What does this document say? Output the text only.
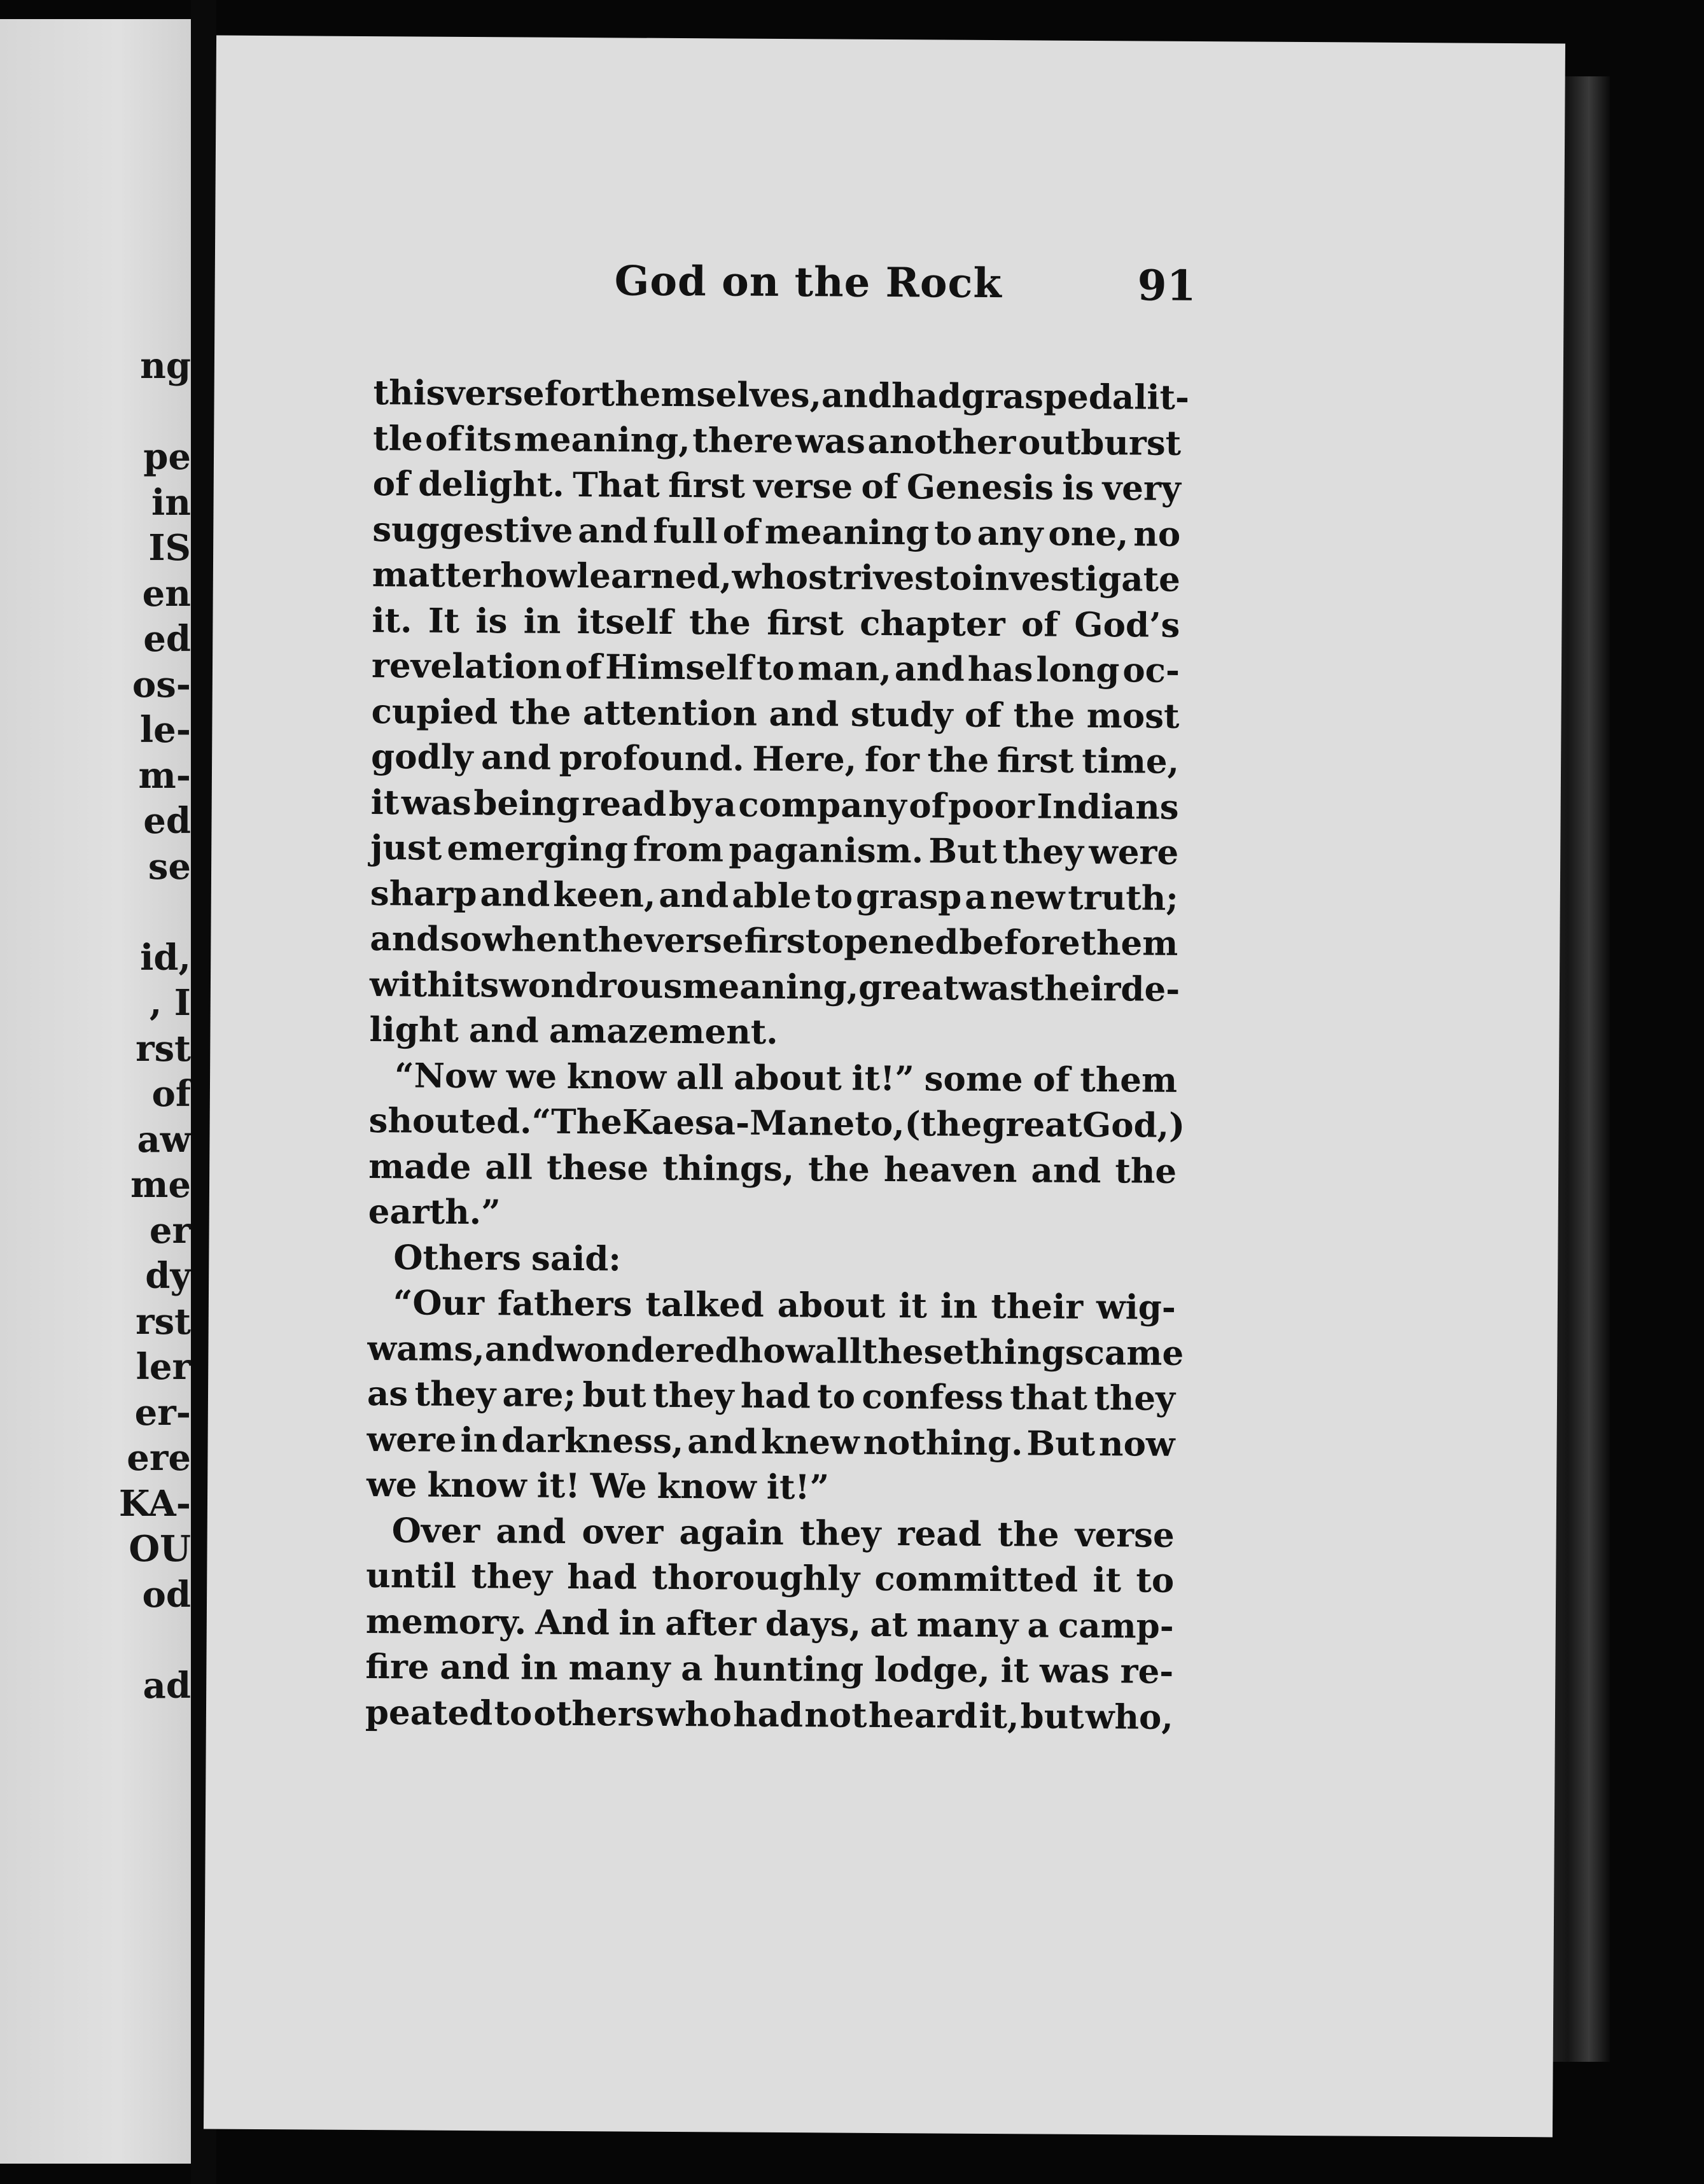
ng
pe
in
IS
en
ed
os-
le-
m-
ed
se
id,
, I
rst
of
aw
me
er
dy
rst
ler
er-
ere
KA-
OU
od
ad
God on the Rock	91
this verse for themselves, and had grasped a lit-
tle of its meaning, there was another outburst
of delight. That first verse of Genesis is very
suggestive and full of meaning to any one, no
matter how learned, who strives to investigate
it. It is in itself the first chapter of God’s
revelation of Himself to man, and has long oc-
cupied the attention and study of the most
godly and profound. Here, for the first time,
it was being read by a company of poor Indians
just emerging from paganism. But they were
sharp and keen, and able to grasp a new truth;
and so when the verse first opened before them
with its wondrous meaning, great was their de-
light and amazement.
“Now we know all about it!” some of them
shouted. “The Kaesa-Maneto, (the great God,)
made all these things, the heaven and the
earth.”
Others said:
“Our fathers talked about it in their wig-
wams, and wondered how all these things came
as they are; but they had to confess that they
were in darkness, and knew nothing. But now
we know it! We know it!”
Over and over again they read the verse
until they had thoroughly committed it to
memory. And in after days, at many a camp-
fire and in many a hunting lodge, it was re-
peated to others who had not heard it, but who,
